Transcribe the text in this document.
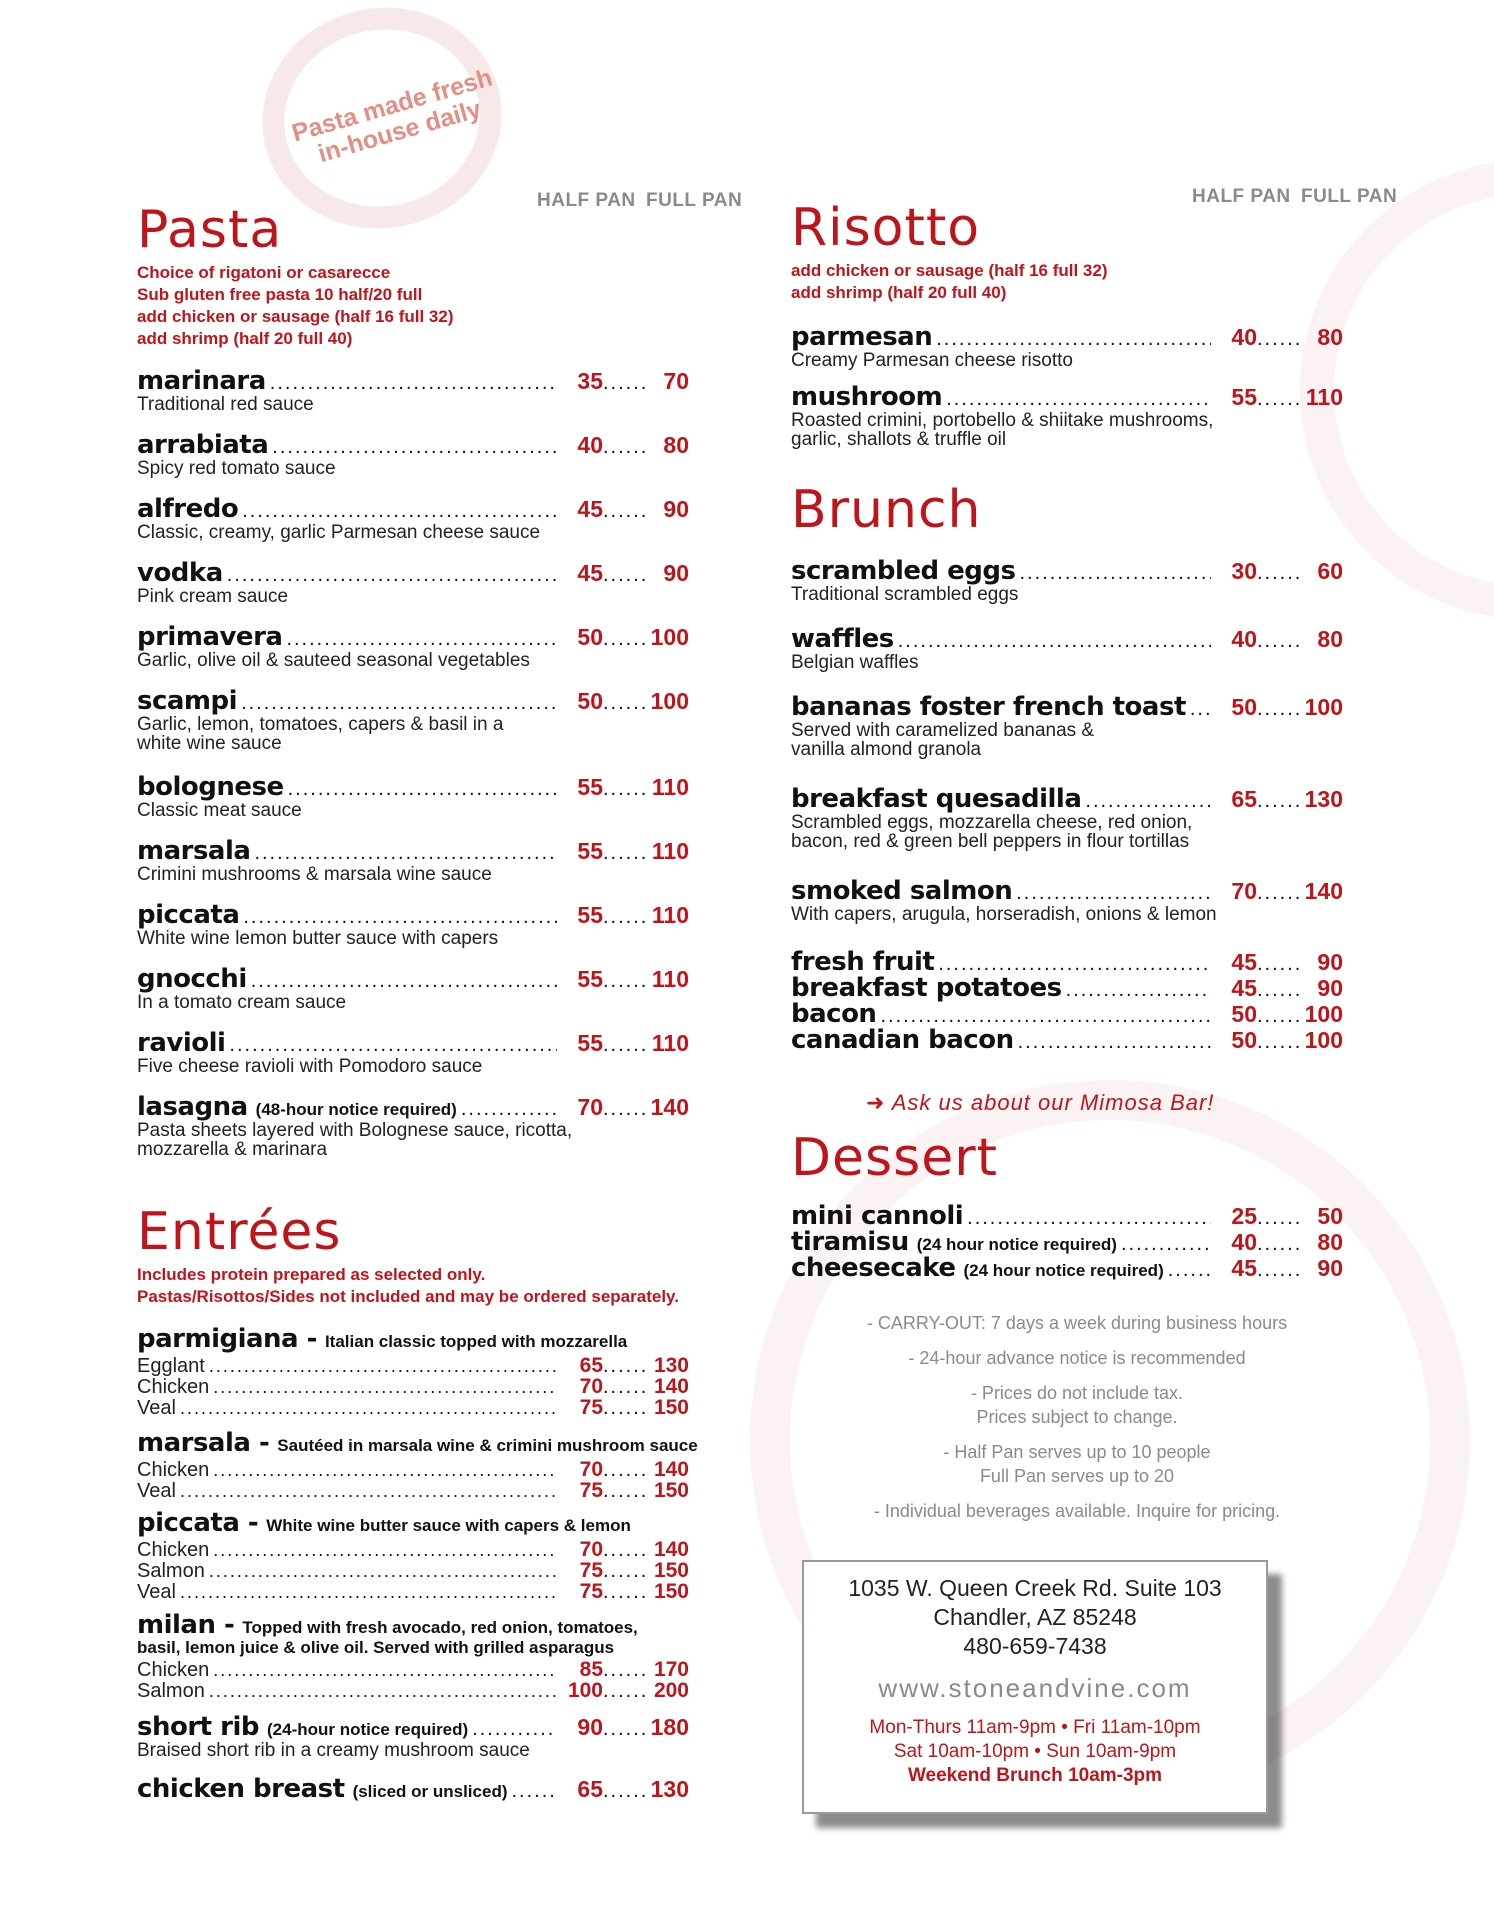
Pasta made fresh in-house daily
HALF PAN FULL PAN	HALF PAN FULL PAN
Pasta
Choice of rigatoni or casarecce
Sub gluten free pasta 10 half/20 full
add chicken or sausage (half 16 full 32)
add shrimp (half 20 full 40)
marinara .....	35 .....	70
Traditional red sauce
arrabiata .....	40 .....	80
Spicy red tomato sauce
alfredo .....	45 .....	90
Classic, creamy, garlic Parmesan cheese sauce
vodka .....	45 .....	90
Pink cream sauce
primavera .....	50 ..... 100
Garlic, olive oil & sauteed seasonal vegetables
scampi .....	50 ..... 100
Garlic, lemon, tomatoes, capers & basil in a
white wine sauce
bolognese .....	55 ..... 110
Classic meat sauce
marsala .....	55 ..... 110
Crimini mushrooms & marsala wine sauce
piccata .....	55 ..... 110
White wine lemon butter sauce with capers
gnocchi .....	55 ..... 110
In a tomato cream sauce
ravioli .....	55 ..... 110
Five cheese ravioli with Pomodoro sauce
lasagna (48-hour notice required) .....	70 ..... 140
Pasta sheets layered with Bolognese sauce, ricotta,
mozzarella & marinara
Entrées
Includes protein prepared as selected only.
Pastas/Risottos/Sides not included and may be ordered separately.
parmigiana - Italian classic topped with mozzarella
Egglant .....	65 .....	130
Chicken .....	70 .....	140
Veal .....	75 .....	150
marsala - Sautéed in marsala wine & crimini mushroom sauce
Chicken .....	70 .....	140
Veal .....	75 .....	150
piccata - White wine butter sauce with capers & lemon
Chicken .....	70 .....	140
Salmon .....	75 .....	150
Veal .....	75 .....	150
milan - Topped with fresh avocado, red onion, tomatoes,
basil, lemon juice & olive oil. Served with grilled asparagus
Chicken .....	85 .....	170
Salmon .....	100 .....	200
short rib (24-hour notice required) .....	90 ..... 180
Braised short rib in a creamy mushroom sauce
chicken breast (sliced or unsliced) .....	65 ..... 130
Risotto
add chicken or sausage (half 16 full 32)
add shrimp (half 20 full 40)
parmesan .....	40 .....	80
Creamy Parmesan cheese risotto
mushroom .....	55 ..... 110
Roasted crimini, portobello & shiitake mushrooms,
garlic, shallots & truffle oil
Brunch
scrambled eggs .....	30 .....	60
Traditional scrambled eggs
waffles .....	40 .....	80
Belgian waffles
bananas foster french toast .....	50 ..... 100
Served with caramelized bananas &
vanilla almond granola
breakfast quesadilla .....	65 ..... 130
Scrambled eggs, mozzarella cheese, red onion,
bacon, red & green bell peppers in flour tortillas
smoked salmon .....	70 ..... 140
With capers, arugula, horseradish, onions & lemon
fresh fruit .....	45 .....	90
breakfast potatoes .....	45 .....	90
bacon .....	50 ..... 100
canadian bacon .....	50 ..... 100
➜ Ask us about our Mimosa Bar!
Dessert
mini cannoli .....	25 .....	50
tiramisu (24 hour notice required) .....	40 .....	80
cheesecake (24 hour notice required) .....	45 .....	90
- CARRY-OUT: 7 days a week during business hours
- 24-hour advance notice is recommended
- Prices do not include tax.
Prices subject to change.
- Half Pan serves up to 10 people
Full Pan serves up to 20
- Individual beverages available. Inquire for pricing.
1035 W. Queen Creek Rd. Suite 103
Chandler, AZ 85248
480-659-7438
www.stoneandvine.com
Mon-Thurs 11am-9pm • Fri 11am-10pm
Sat 10am-10pm • Sun 10am-9pm
Weekend Brunch 10am-3pm
